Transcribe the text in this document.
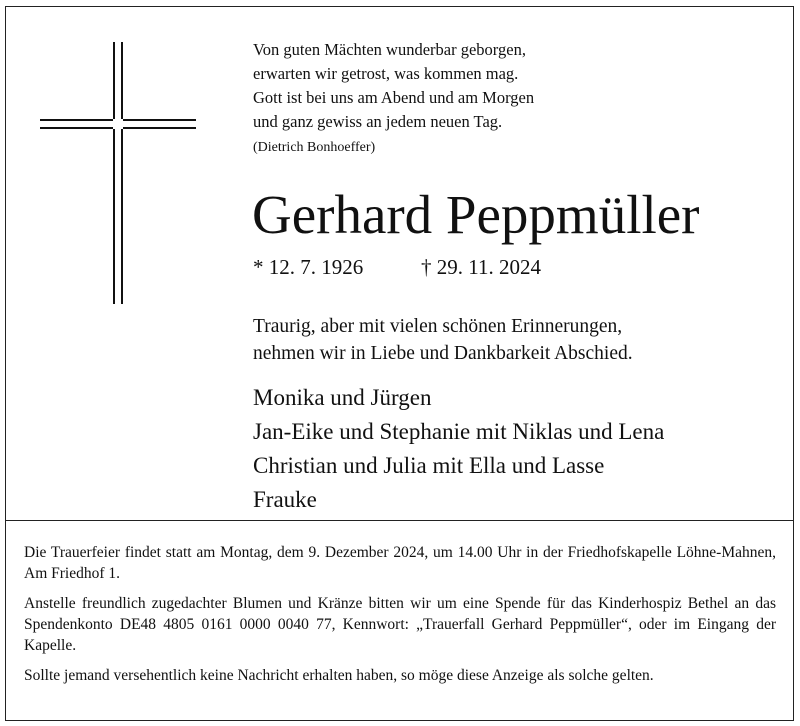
Von guten Mächten wunderbar geborgen,
erwarten wir getrost, was kommen mag.
Gott ist bei uns am Abend und am Morgen
und ganz gewiss an jedem neuen Tag.
(Dietrich Bonhoeffer)
Gerhard Peppmüller
* 12. 7. 1926	† 29. 11. 2024
Traurig, aber mit vielen schönen Erinnerungen,
nehmen wir in Liebe und Dankbarkeit Abschied.
Monika und Jürgen
Jan-Eike und Stephanie mit Niklas und Lena
Christian und Julia mit Ella und Lasse
Frauke
Die Trauerfeier findet statt am Montag, dem 9. Dezember 2024, um 14.00 Uhr in der Friedhofskapelle Löhne-Mahnen, Am Friedhof 1.
Anstelle freundlich zugedachter Blumen und Kränze bitten wir um eine Spende für das Kinderhospiz Bethel an das Spendenkonto DE48 4805 0161 0000 0040 77, Kennwort: „Trauerfall Gerhard Peppmüller“, oder im Eingang der Kapelle.
Sollte jemand versehentlich keine Nachricht erhalten haben, so möge diese Anzeige als solche gelten.
